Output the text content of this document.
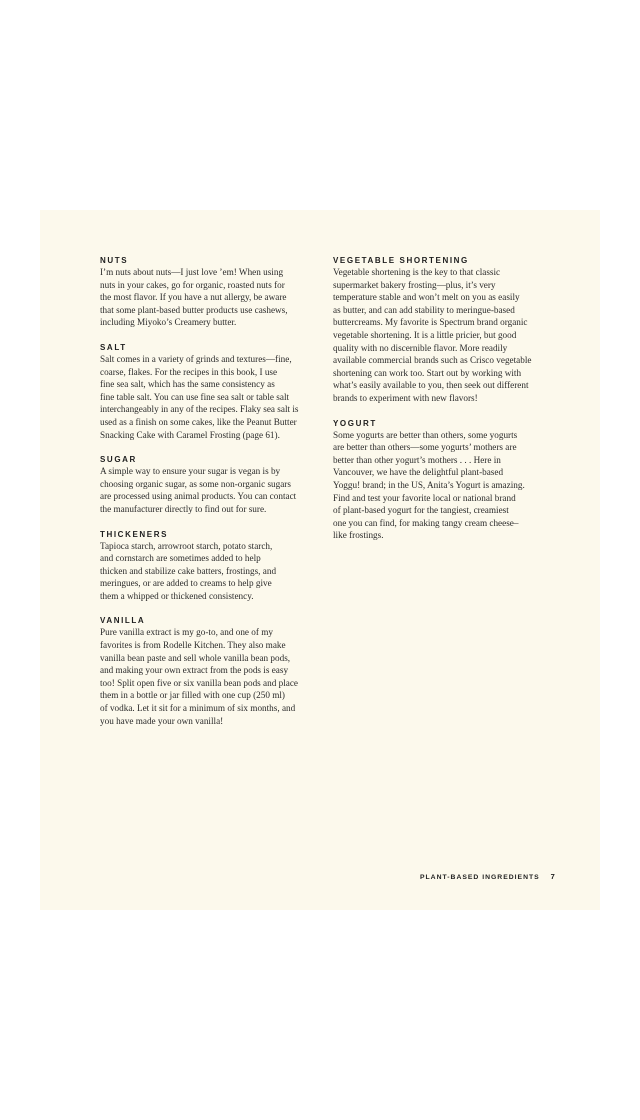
NUTS

I’m nuts about nuts—I just love ’em! When using
nuts in your cakes, go for organic, roasted nuts for
the most flavor. If you have a nut allergy, be aware
that some plant-based butter products use cashews,
including Miyoko’s Creamery butter.

SALT

Salt comes in a variety of grinds and textures—fine,
coarse, flakes. For the recipes in this book, I use
fine sea salt, which has the same consistency as
fine table salt. You can use fine sea salt or table salt
interchangeably in any of the recipes. Flaky sea salt is
used as a finish on some cakes, like the Peanut Butter
Snacking Cake with Caramel Frosting (page 61).

SUGAR

A simple way to ensure your sugar is vegan is by
choosing organic sugar, as some non-organic sugars
are processed using animal products. You can contact
the manufacturer directly to find out for sure.

THICKENERS

Tapioca starch, arrowroot starch, potato starch,
and cornstarch are sometimes added to help
thicken and stabilize cake batters, frostings, and
meringues, or are added to creams to help give
them a whipped or thickened consistency.

VANILLA

Pure vanilla extract is my go-to, and one of my
favorites is from Rodelle Kitchen. They also make
vanilla bean paste and sell whole vanilla bean pods,
and making your own extract from the pods is easy
too! Split open five or six vanilla bean pods and place
them in a bottle or jar filled with one cup (250 ml)
of vodka. Let it sit for a minimum of six months, and
you have made your own vanilla!

VEGETABLE SHORTENING

Vegetable shortening is the key to that classic
supermarket bakery frosting—plus, it’s very
temperature stable and won’t melt on you as easily
as butter, and can add stability to meringue-based
buttercreams. My favorite is Spectrum brand organic
vegetable shortening. It is a little pricier, but good
quality with no discernible flavor. More readily
available commercial brands such as Crisco vegetable
shortening can work too. Start out by working with
what’s easily available to you, then seek out different
brands to experiment with new flavors!

YOGURT

Some yogurts are better than others, some yogurts
are better than others—some yogurts’ mothers are
better than other yogurt’s mothers . . . Here in
Vancouver, we have the delightful plant-based
Yoggu! brand; in the US, Anita’s Yogurt is amazing.
Find and test your favorite local or national brand
of plant-based yogurt for the tangiest, creamiest
one you can find, for making tangy cream cheese–
like frostings.

PLANT-BASED INGREDIENTS 7
